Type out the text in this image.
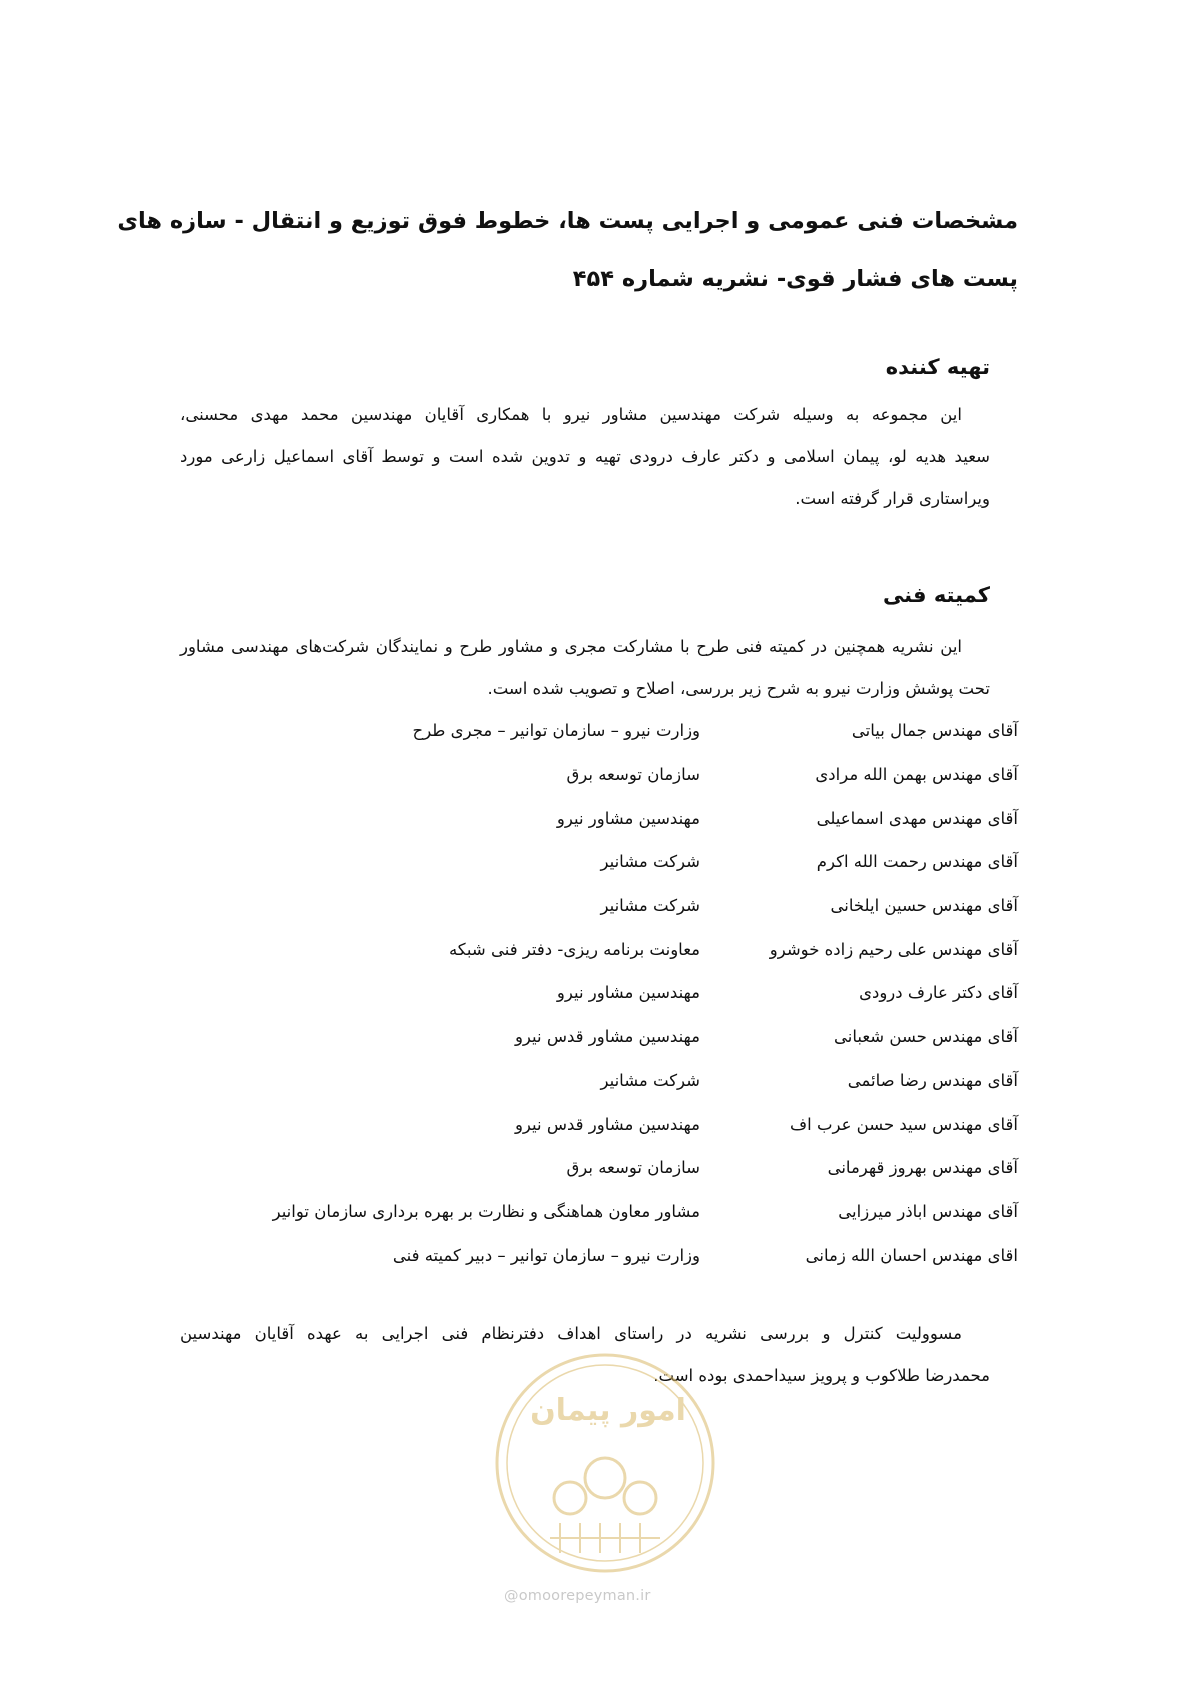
مشخصات فنی عمومی و اجرایی پست ها، خطوط فوق توزیع و انتقال - سازه های
پست های فشار قوی- نشریه شماره ۴۵۴
تهیه کننده
این مجموعه به وسیله شرکت مهندسین مشاور نیرو با همکاری آقایان مهندسین محمد مهدی محسنی،
سعید هدیه لو، پیمان اسلامی و دکتر عارف درودی تهیه و تدوین شده است و توسط آقای اسماعیل زارعی مورد
ویراستاری قرار گرفته است.
کمیته فنی
این نشریه همچنین در کمیته فنی طرح با مشارکت مجری و مشاور طرح و نمایندگان شرکت‌های مهندسی مشاور
تحت پوشش وزارت نیرو به شرح زیر بررسی، اصلاح و تصویب شده است.
آقای مهندس جمال بیاتی
وزارت نیرو – سازمان توانیر – مجری طرح
آقای مهندس بهمن الله مرادی
سازمان توسعه برق
آقای مهندس مهدی اسماعیلی
مهندسین مشاور نیرو
آقای مهندس رحمت الله اکرم
شرکت مشانیر
آقای مهندس حسین ایلخانی
شرکت مشانیر
آقای مهندس علی رحیم زاده خوشرو
معاونت برنامه ریزی- دفتر فنی شبکه
آقای دکتر عارف درودی
مهندسین مشاور نیرو
آقای مهندس حسن شعبانی
مهندسین مشاور قدس نیرو
آقای مهندس رضا صائمی
شرکت مشانیر
آقای مهندس سید حسن عرب اف
مهندسین مشاور قدس نیرو
آقای مهندس بهروز قهرمانی
سازمان توسعه برق
آقای مهندس اباذر میرزایی
مشاور معاون هماهنگی و نظارت بر بهره برداری سازمان توانیر
اقای مهندس احسان الله زمانی
وزارت نیرو – سازمان توانیر – دبیر کمیته فنی
مسوولیت کنترل و بررسی نشریه در راستای اهداف دفترنظام فنی اجرایی به عهده آقایان مهندسین
محمدرضا طلاکوب و پرویز سیداحمدی بوده است.
امور پیمان
@omoorepeyman.ir
